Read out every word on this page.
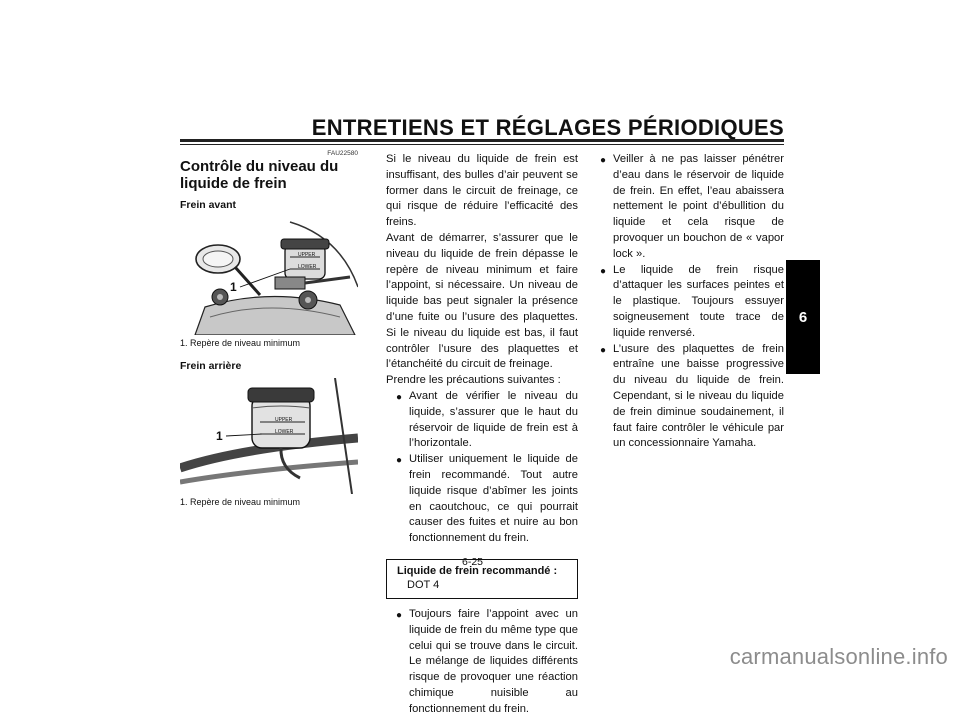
ENTRETIENS ET RÉGLAGES PÉRIODIQUES
6
FAU22580
Contrôle du niveau du liquide de frein
Frein avant
UPPER
LOWER
1
1. Repère de niveau minimum
Frein arrière
UPPER
LOWER
1
1. Repère de niveau minimum

Si le niveau du liquide de frein est insuffisant, des bulles d’air peuvent se former dans le circuit de freinage, ce qui risque de réduire l’efficacité des freins.

Avant de démarrer, s’assurer que le niveau du liquide de frein dépasse le repère de niveau minimum et faire l’appoint, si nécessaire. Un niveau de liquide bas peut signaler la présence d’une fuite ou l’usure des plaquettes. Si le niveau du liquide est bas, il faut contrôler l’usure des plaquettes et l’étanchéité du circuit de freinage.

Prendre les précautions suivantes :

● Avant de vérifier le niveau du liquide, s’assurer que le haut du réservoir de liquide de frein est à l’horizontale.
● Utiliser uniquement le liquide de frein recommandé. Tout autre liquide risque d’abîmer les joints en caoutchouc, ce qui pourrait causer des fuites et nuire au bon fonctionnement du frein.
Liquide de frein recommandé :
DOT 4
● Toujours faire l’appoint avec un liquide de frein du même type que celui qui se trouve dans le circuit. Le mélange de liquides différents risque de provoquer une réaction chimique nuisible au fonctionnement du frein.
● Veiller à ne pas laisser pénétrer d’eau dans le réservoir de liquide de frein. En effet, l’eau abaissera nettement le point d’ébullition du liquide et cela risque de provoquer un bouchon de « vapor lock ».
● Le liquide de frein risque d’attaquer les surfaces peintes et le plastique. Toujours essuyer soigneusement toute trace de liquide renversé.
● L’usure des plaquettes de frein entraîne une baisse progressive du niveau du liquide de frein. Cependant, si le niveau du liquide de frein diminue soudainement, il faut faire contrôler le véhicule par un concessionnaire Yamaha.
6-25
carmanualsonline.info
